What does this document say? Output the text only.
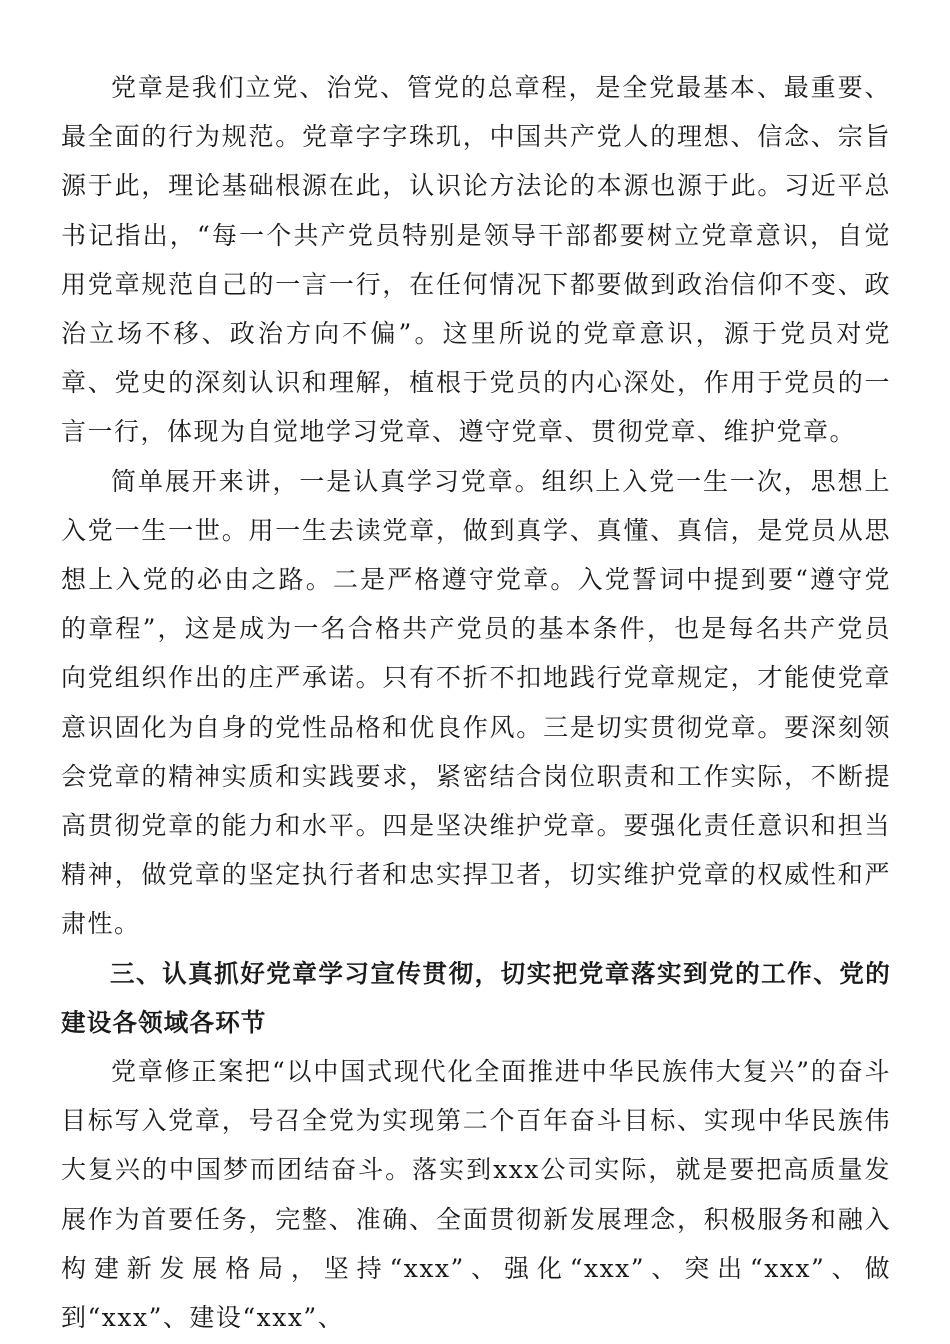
党章是我们立党、治党、管党的总章程，是全党最基本、最重要、最全面的行为规范。党章字字珠玑，中国共产党人的理想、信念、宗旨源于此，理论基础根源在此，认识论方法论的本源也源于此。习近平总书记指出，“每一个共产党员特别是领导干部都要树立党章意识，自觉用党章规范自己的一言一行，在任何情况下都要做到政治信仰不变、政治立场不移、政治方向不偏”。这里所说的党章意识，源于党员对党章、党史的深刻认识和理解，植根于党员的内心深处，作用于党员的一言一行，体现为自觉地学习党章、遵守党章、贯彻党章、维护党章。

简单展开来讲，一是认真学习党章。组织上入党一生一次，思想上入党一生一世。用一生去读党章，做到真学、真懂、真信，是党员从思想上入党的必由之路。二是严格遵守党章。入党誓词中提到要“遵守党的章程”，这是成为一名合格共产党员的基本条件，也是每名共产党员向党组织作出的庄严承诺。只有不折不扣地践行党章规定，才能使党章意识固化为自身的党性品格和优良作风。三是切实贯彻党章。要深刻领会党章的精神实质和实践要求，紧密结合岗位职责和工作实际，不断提高贯彻党章的能力和水平。四是坚决维护党章。要强化责任意识和担当精神，做党章的坚定执行者和忠实捍卫者，切实维护党章的权威性和严肃性。

三、认真抓好党章学习宣传贯彻，切实把党章落实到党的工作、党的建设各领域各环节

党章修正案把“以中国式现代化全面推进中华民族伟大复兴”的奋斗目标写入党章，号召全党为实现第二个百年奋斗目标、实现中华民族伟大复兴的中国梦而团结奋斗。落实到xxx公司实际，就是要把高质量发展作为首要任务，完整、准确、全面贯彻新发展理念，积极服务和融入构建新发展格局，坚持“xxx”、强化“xxx”、突出“xxx”、做到“xxx”、建设“xxx”、
